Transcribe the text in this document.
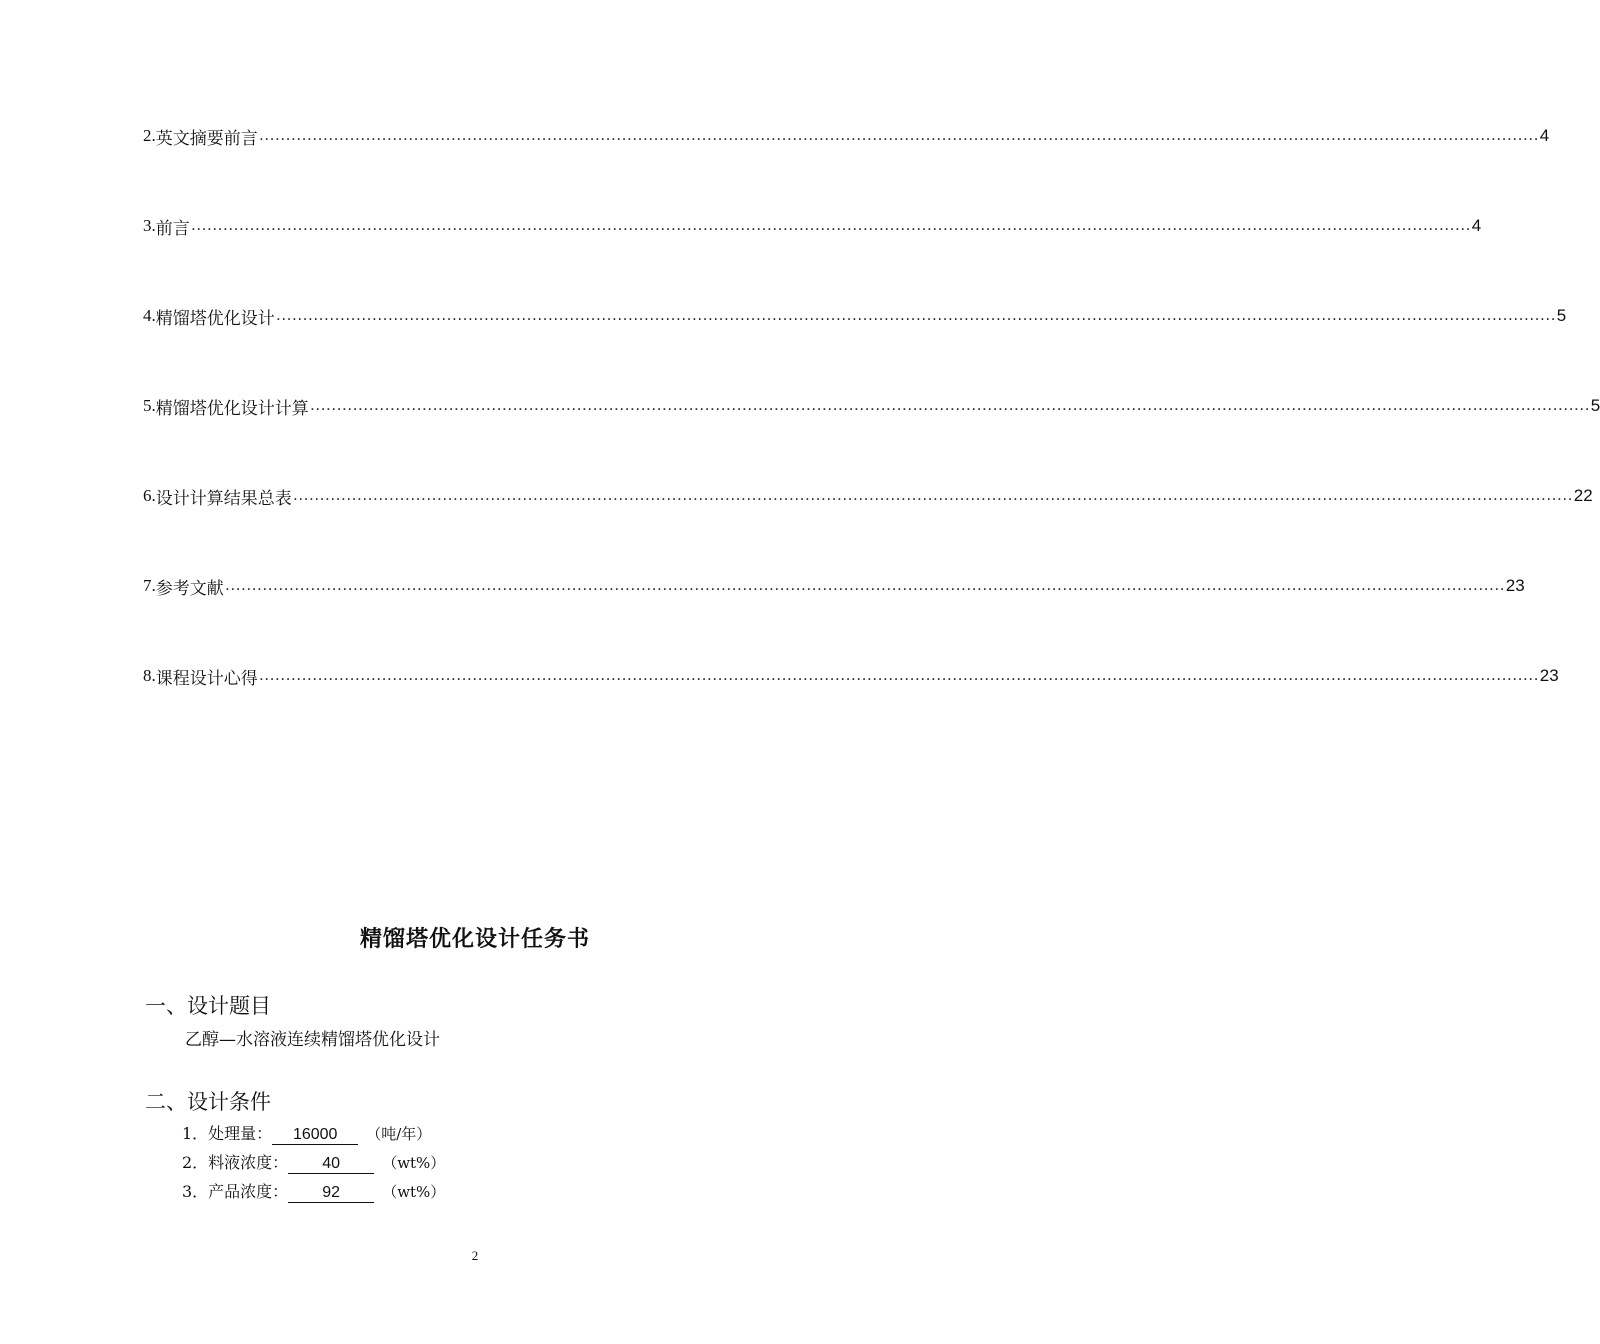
2. 英文摘要前言 …………………………………………………………………………………………………………………………………………………………………………………………………………………… 4
3. 前言 …………………………………………………………………………………………………………………………………………………………………………………………………………………… 4
4. 精馏塔优化设计 …………………………………………………………………………………………………………………………………………………………………………………………………………………… 5
5. 精馏塔优化设计计算 …………………………………………………………………………………………………………………………………………………………………………………………………………………… 5
6. 设计计算结果总表 …………………………………………………………………………………………………………………………………………………………………………………………………………………… 22
7. 参考文献 …………………………………………………………………………………………………………………………………………………………………………………………………………………… 23
8. 课程设计心得 …………………………………………………………………………………………………………………………………………………………………………………………………………………… 23
精馏塔优化设计任务书
一、设计题目
乙醇—水溶液连续精馏塔优化设计
二、设计条件
1．处理量：	16000	（吨/年）
2．料液浓度：	40	（wt%）
3．产品浓度：	92	（wt%）
2
